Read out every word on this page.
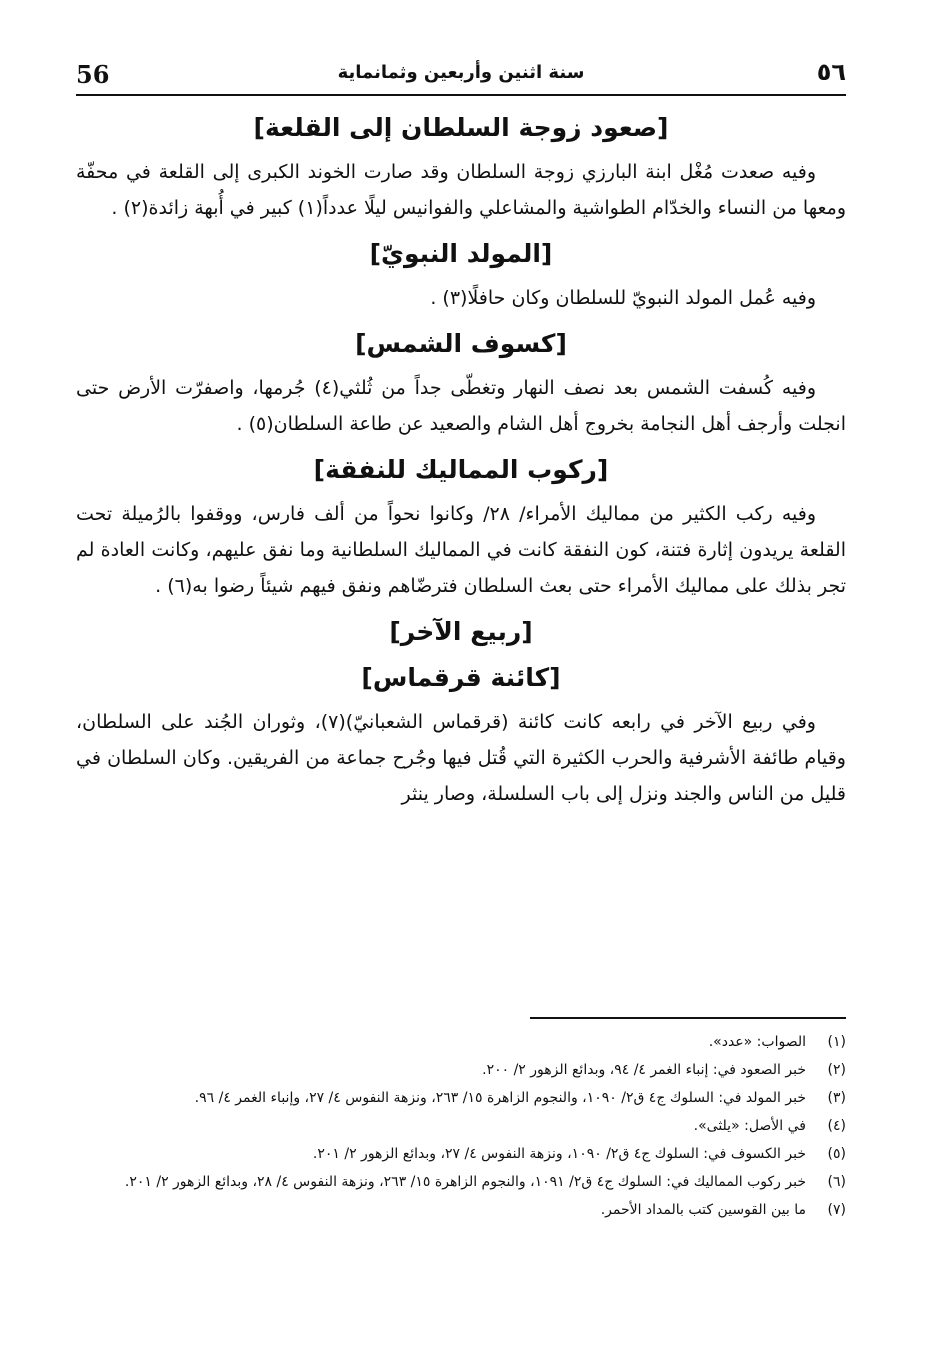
56	سنة اثنين وأربعين وثمانماية	٥٦
[صعود زوجة السلطان إلى القلعة]

وفيه صعدت مُغْل ابنة البارزي زوجة السلطان وقد صارت الخوند الكبرى إلى القلعة في محفّة ومعها من النساء والخدّام الطواشية والمشاعلي والفوانيس ليلًا عدداً(١) كبير في أُبهة زائدة(٢) .

[المولد النبويّ]

وفيه عُمل المولد النبويّ للسلطان وكان حافلًا(٣) .

[كسوف الشمس]

وفيه كُسفت الشمس بعد نصف النهار وتغطّى جداً من ثُلثي(٤) جُرمها، واصفرّت الأرض حتى انجلت وأرجف أهل النجامة بخروج أهل الشام والصعيد عن طاعة السلطان(٥) .

[ركوب المماليك للنفقة]

وفيه ركب الكثير من مماليك الأمراء/ ٢٨/ وكانوا نحواً من ألف فارس، ووقفوا بالرُميلة تحت القلعة يريدون إثارة فتنة، كون النفقة كانت في المماليك السلطانية وما نفق عليهم، وكانت العادة لم تجر بذلك على مماليك الأمراء حتى بعث السلطان فترضّاهم ونفق فيهم شيئاً رضوا به(٦) .

[ربيع الآخر]
[كائنة قرقماس]

وفي ربيع الآخر في رابعه كانت كائنة (قرقماس الشعبانيّ)(٧)، وثوران الجُند على السلطان، وقيام طائفة الأشرفية والحرب الكثيرة التي قُتل فيها وجُرح جماعة من الفريقين. وكان السلطان في قليل من الناس والجند ونزل إلى باب السلسلة، وصار ينثر

(١)
الصواب: «عدد».
(٢)
خبر الصعود في: إنباء الغمر ٤/ ٩٤، وبدائع الزهور ٢/ ٢٠٠.
(٣)
خبر المولد في: السلوك ج٤ ق٢/ ١٠٩٠، والنجوم الزاهرة ١٥/ ٢٦٣، ونزهة النفوس ٤/ ٢٧، وإنباء الغمر ٤/ ٩٦.
(٤)
في الأصل: «يلثى».
(٥)
خبر الكسوف في: السلوك ج٤ ق٢/ ١٠٩٠، ونزهة النفوس ٤/ ٢٧، وبدائع الزهور ٢/ ٢٠١.
(٦)
خبر ركوب المماليك في: السلوك ج٤ ق٢/ ١٠٩١، والنجوم الزاهرة ١٥/ ٢٦٣، ونزهة النفوس ٤/ ٢٨، وبدائع الزهور ٢/ ٢٠١.
(٧)
ما بين القوسين كتب بالمداد الأحمر.
